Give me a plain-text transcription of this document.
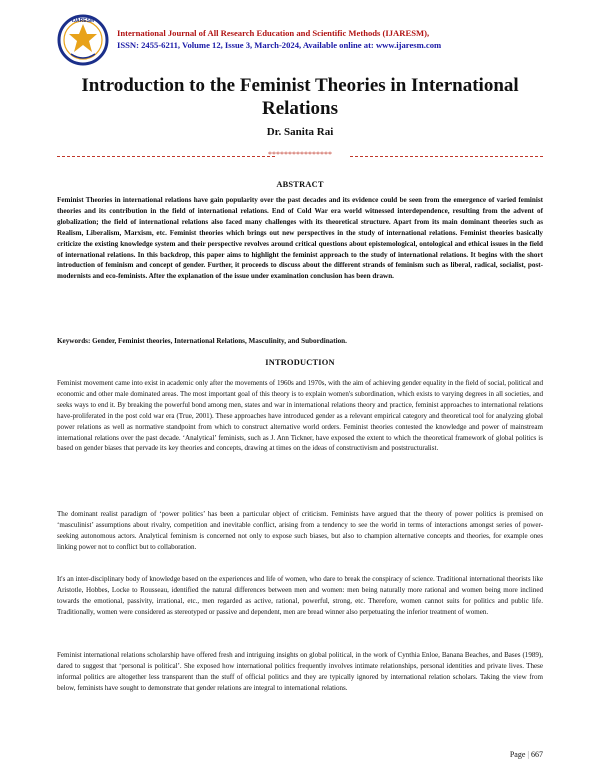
IJARESM
International Journal of All Research Education and Scientific Methods (IJARESM),
ISSN: 2455-6211, Volume 12, Issue 3, March-2024, Available online at: www.ijaresm.com
Introduction to the Feminist Theories in International Relations
Dr. Sanita Rai
****************
ABSTRACT

Feminist Theories in international relations have gain popularity over the past decades and its evidence could be seen from the emergence of varied feminist theories and its contribution in the field of international relations. End of Cold War era world witnessed interdependence, resulting from the advent of globalization; the field of international relations also faced many challenges with its theoretical structure. Apart from its main dominant theories such as Realism, Liberalism, Marxism, etc. Feminist theories which brings out new perspectives in the study of international relations. Feminist theories basically criticize the existing knowledge system and their perspective revolves around critical questions about epistemological, ontological and ethical issues in the field of international relations. In this backdrop, this paper aims to highlight the feminist approach to the study of international relations. It begins with the short introduction of feminism and concept of gender. Further, it proceeds to discuss about the different strands of feminism such as liberal, radical, socialist, post-modernists and eco-feminists. After the explanation of the issue under examination conclusion has been drawn.

Keywords: Gender, Feminist theories, International Relations, Masculinity, and Subordination.

INTRODUCTION

Feminist movement came into exist in academic only after the movements of 1960s and 1970s, with the aim of achieving gender equality in the field of social, political and economic and other male dominated areas. The most important goal of this theory is to explain women's subordination, which exists to varying degrees in all societies, and seeks ways to end it. By breaking the powerful bond among men, states and war in international relations theory and practice, feminist approaches to international relations have-proliferated in the post cold war era (True, 2001). These approaches have introduced gender as a relevant empirical category and theoretical tool for analyzing global power relations as well as normative standpoint from which to construct alternative world orders. Feminist theories contested the knowledge and power of mainstream international relations over the past decade. ‘Analytical’ feminists, such as J. Ann Tickner, have exposed the extent to which the theoretical framework of global politics is based on gender biases that pervade its key theories and concepts, drawing at times on the ideas of constructivism and poststructuralist.

The dominant realist paradigm of ‘power politics’ has been a particular object of criticism. Feminists have argued that the theory of power politics is premised on ‘masculinist’ assumptions about rivalry, competition and inevitable conflict, arising from a tendency to see the world in terms of interactions amongst series of power-seeking autonomous actors. Analytical feminism is concerned not only to expose such biases, but also to champion alternative concepts and theories, for example ones linking power not to conflict but to collaboration.

It's an inter-disciplinary body of knowledge based on the experiences and life of women, who dare to break the conspiracy of science. Traditional international theorists like Aristotle, Hobbes, Locke to Rousseau, identified the natural differences between men and women: men being naturally more rational and women being more inclined towards the emotional, passivity, irrational, etc., men regarded as active, rational, powerful, strong, etc. Therefore, women cannot suits for politics and public life. Traditionally, women were considered as stereotyped or passive and dependent, men are bread winner also perpetuating the inferior treatment of women.

Feminist international relations scholarship have offered fresh and intriguing insights on global political, in the work of Cynthia Enloe, Banana Beaches, and Bases (1989), dared to suggest that ‘personal is political’. She exposed how international politics frequently involves intimate relationships, personal identities and private lives. These informal politics are altogether less transparent than the stuff of official politics and they are typically ignored by international relation scholars. Taking the view from below, feminists have sought to demonstrate that gender relations are integral to international relations.

Page | 667
